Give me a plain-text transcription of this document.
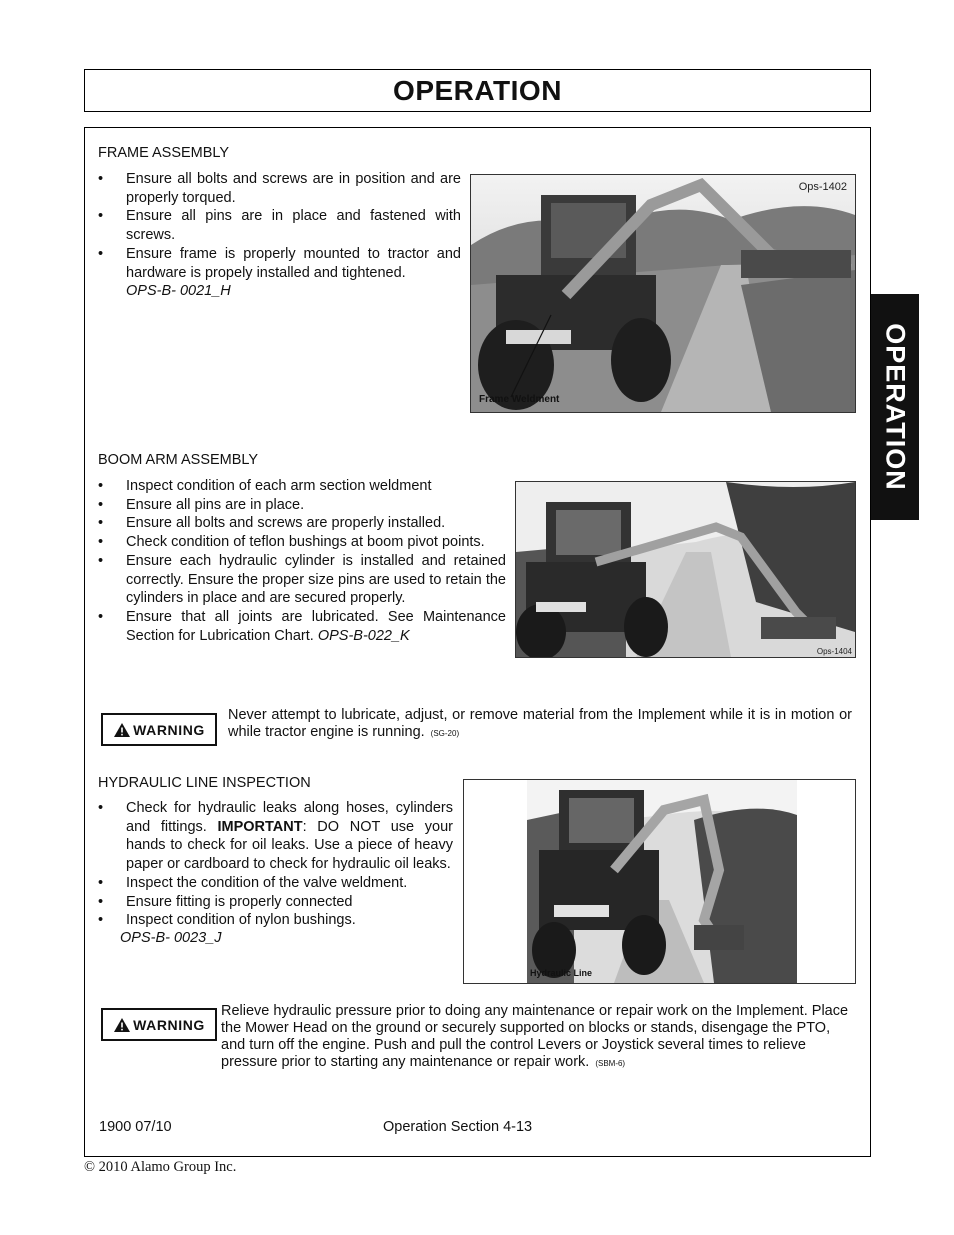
OPERATION
OPERATION
FRAME ASSEMBLY
• Ensure all bolts and screws are in position and are properly torqued.
• Ensure all pins are in place and fastened with screws.
• Ensure frame is properly mounted to tractor and hardware is propely installed and tightened.
OPS-B- 0021_H
Ops-1402
Frame Weldment
BOOM ARM ASSEMBLY
• Inspect condition of each arm section weldment
• Ensure all pins are in place.
• Ensure all bolts and screws are properly installed.
• Check condition of teflon bushings at boom pivot points.
• Ensure each hydraulic cylinder is installed and retained correctly. Ensure the proper size pins are used to retain the cylinders in place and are secured properly.
• Ensure that all joints are lubricated. See Maintenance Section for Lubrication Chart. OPS-B-022_K
Ops-1404
WARNING
Never attempt to lubricate, adjust, or remove material from the Implement while it is in motion or while tractor engine is running. (SG-20)
HYDRAULIC LINE INSPECTION
• Check for hydraulic leaks along hoses, cylinders and fittings. IMPORTANT: DO NOT use your hands to check for oil leaks. Use a piece of heavy paper or cardboard to check for hydraulic oil leaks.
• Inspect the condition of the valve weldment.
• Ensure fitting is properly connected
• Inspect condition of nylon bushings.
OPS-B- 0023_J
Hydraulic Line
WARNING
Relieve hydraulic pressure prior to doing any maintenance or repair work on the Implement. Place the Mower Head on the ground or securely supported on blocks or stands, disengage the PTO, and turn off the engine. Push and pull the control Levers or Joystick several times to relieve pressure prior to starting any maintenance or repair work. (SBM-6)
1900 07/10	Operation Section 4-13
© 2010 Alamo Group Inc.
